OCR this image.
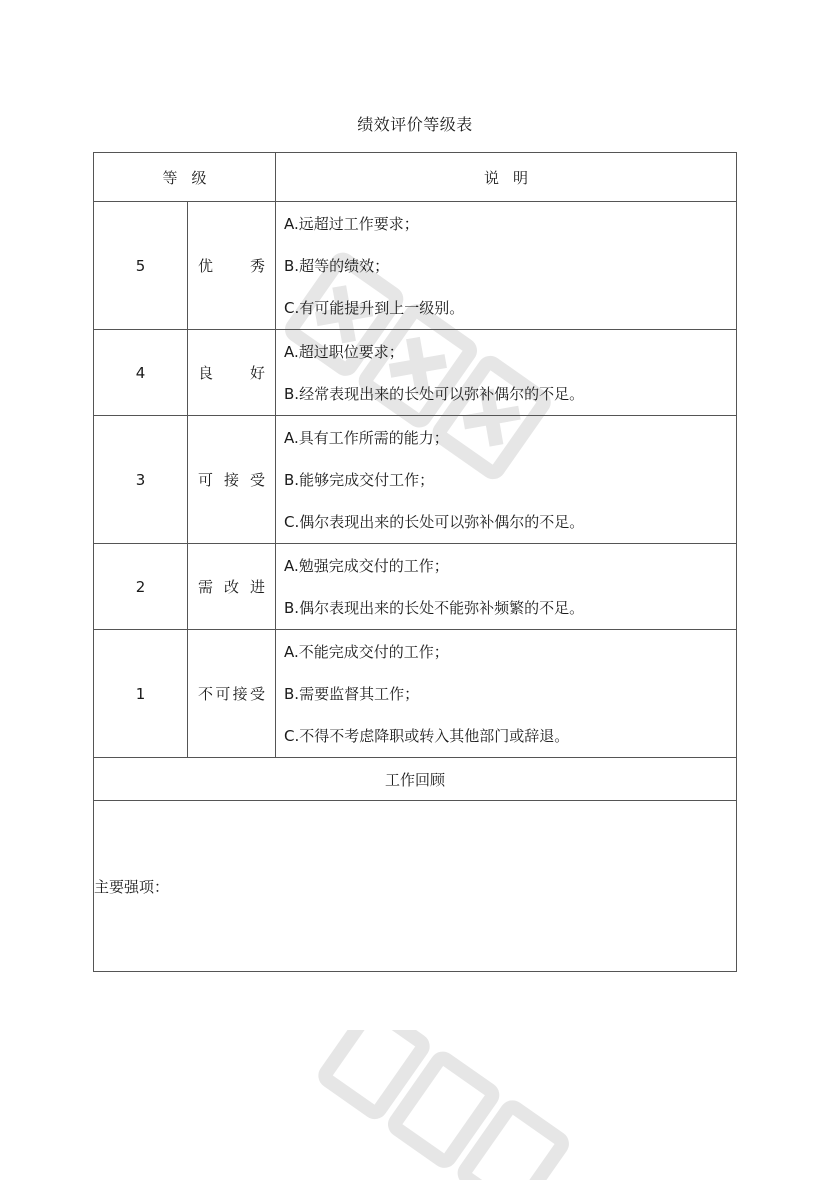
绩效评价等级表
等级		说明
5	优秀	A.远超过工作要求；
B.超等的绩效；
C.有可能提升到上一级别。

4	良好	A.超过职位要求；
B.经常表现出来的长处可以弥补偶尔的不足。

3	可接受	A.具有工作所需的能力；
B.能够完成交付工作；
C.偶尔表现出来的长处可以弥补偶尔的不足。

2	需改进	A.勉强完成交付的工作；
B.偶尔表现出来的长处不能弥补频繁的不足。

1	不可接受	A.不能完成交付的工作；
B.需要监督其工作；
C.不得不考虑降职或转入其他部门或辞退。

工作回顾		
主要强项：		
